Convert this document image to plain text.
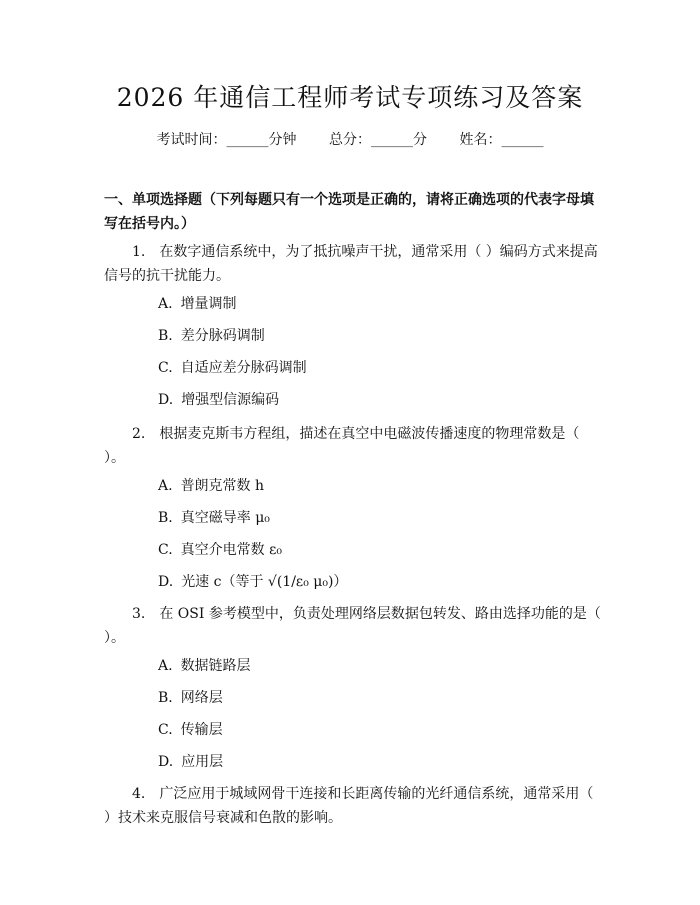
2026 年通信工程师考试专项练习及答案
考试时间：______分钟 总分：______分 姓名：______
一、单项选择题（下列每题只有一个选项是正确的，请将正确选项的代表字母填写在括号内。）
1.　在数字通信系统中，为了抵抗噪声干扰，通常采用（ ）编码方式来提高信号的抗干扰能力。
A. 增量调制
B. 差分脉码调制
C. 自适应差分脉码调制
D. 增强型信源编码
2.　根据麦克斯韦方程组，描述在真空中电磁波传播速度的物理常数是（ ）。
A. 普朗克常数 h
B. 真空磁导率 μ₀
C. 真空介电常数 ε₀
D. 光速 c（等于 √(1/ε₀ μ₀)）
3.　在 OSI 参考模型中，负责处理网络层数据包转发、路由选择功能的是（ ）。
A. 数据链路层
B. 网络层
C. 传输层
D. 应用层
4.　广泛应用于城域网骨干连接和长距离传输的光纤通信系统，通常采用（ ）技术来克服信号衰减和色散的影响。
